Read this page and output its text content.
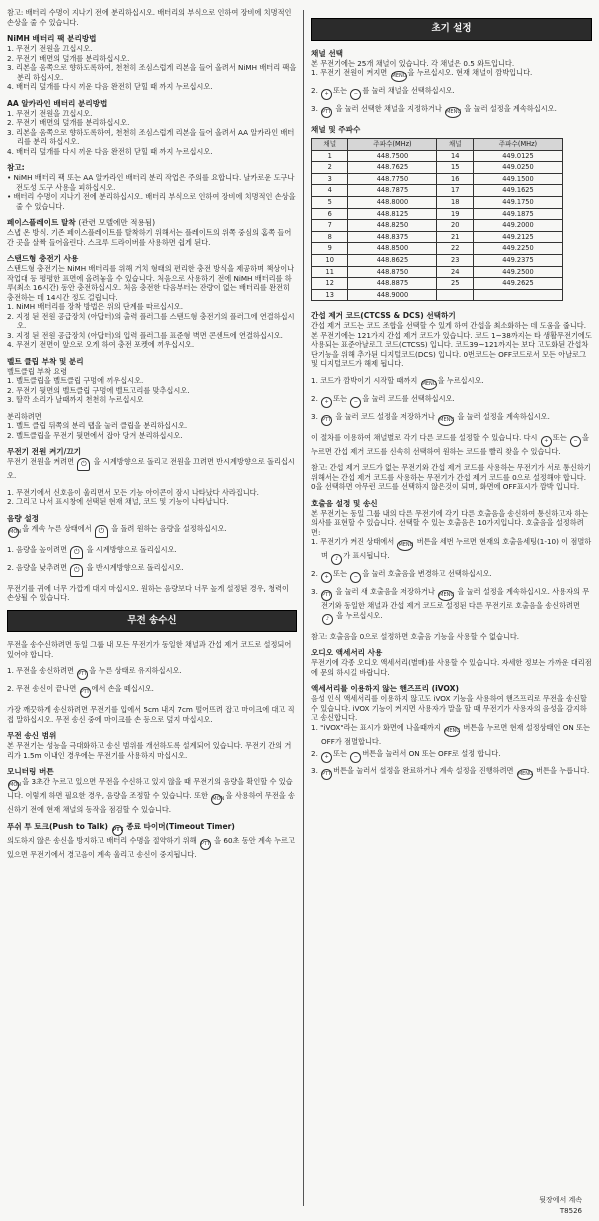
참고: 배터리 수명이 지나기 전에 분리하십시오. 배터리의 부식으로 인하여 장비에 치명적인 손상을 줄 수 있습니다.
NiMH 배터리 팩 분리방법
1. 무전기 전원을 끄십시오.
2. 무전기 배면의 덮개를 분리하십시오.
3. 리본을 옴쪽으로 향하도록하여, 천천히 조심스럽게 리본을 들어 올려서 NiMH 배터리 팩을 분리 하십시오.
4. 배터리 덮개를 다시 끼운 다음 완전히 닫힐 때 까지 누르십시오.
AA 알카라인 배터리 분리방법
1. 무전기 전원을 끄십시오.
2. 무전기 배면의 덮개를 분리하십시오.
3. 리본을 옴쪽으로 향하도록하여, 천천히 조심스럽게 리본을 들어 올려서 AA 알카라인 배터리를 분리 하십시오.
4. 배터리 덮개를 다시 끼운 다음 완전히 닫힐 때 까지 누르십시오.
참고:
• NiMH 배터리 팩 또는 AA 알카라인 배터리 분리 작업은 주의를 요합니다. 날카로운 도구나 전도성 도구 사용을 피하십시오.
• 배터리 수명이 지나기 전에 분리하십시오. 배터리 부식으로 인하여 장비에 치명적인 손상을 줄 수 있습니다.
페이스플레이트 탈착 (관련 모델에만 적용됨)
스냅 온 방식. 기존 페이스플레이트를 탈착하기 위해서는 플레이트의 위쪽 중심의 홈쪽 들어간 곳을 살짝 들어올린다. 스크루 드라이버를 사용하면 쉽게 된다.
스탠드형 충전기 사용
스탠드형 충전기는 NiMH 배터리를 위해 거치 형태의 편리한 충전 방식을 제공하며 책상이나 작업대 등 평평한 표면에 올려놓을 수 있습니다. 처음으로 사용하기 전에 NiMH 배터리를 하루(최소 16시간) 동안 충전하십시오. 처음 충전한 다음부터는 잔량이 없는 배터리를 완전히 충전하는 데 14시간 정도 걸립니다.
1. NiMH 배터리를 장착 방법은 위의 단계를 따르십시오.
2. 지정 된 전원 공급장치 (아답터)의 출력 플러그를 스탠드형 충전기의 플러그에 연결하십시오.
3. 지정 된 전원 공급장치 (아답터)의 입력 플러그를 표준형 벽면 콘센트에 연결하십시오.
4. 무전기 전면이 앞으로 오게 하여 충전 포켓에 끼우십시오.
벨트 클립 부착 및 분리
벨트클립 부착 요령
1. 벨트클립을 벨트클립 구멍에 끼우십시오.
2. 무전기 뒷면의 벨트클립 구멍에 벨트고리를 맞추십시오.
3. 딸깍 소리가 날때까지 천천히 누르십시오
분리하려면
1. 벨트 클립 뒤쪽의 분리 탭을 눌러 클립을 분리하십시오.
2. 벨트클립을 무전기 뒷면에서 잡아 당겨 분리하십시오.
무전기 전원 켜기/끄기
무전기 전원을 켜려면 ⏻ 을 시계방향으로 돌리고 전원을 끄려면 반시계방향으로 돌리십시오.
1. 무전기에서 신호음이 울리면서 모든 기능 아이콘이 잠시 나타났다 사라집니다.
2. 그리고 나서 표시창에 선택된 현재 채널, 코드 및 기능이 나타납니다.
음량 설정
MON 을 계속 누른 상태에서 ⏻ 을 돌려 원하는 음량을 설정하십시오.
1. 음량을 높이려면 ⏻ 을 시계방향으로 돌리십시오.
2. 음량을 낮추려면 ⏻ 을 반시계방향으로 돌리십시오.
무전기를 귀에 너무 가깝게 대지 마십시오. 원하는 음량보다 너무 높게 설정된 경우, 청력이 손상될 수 있습니다.
무전 송수신
무전을 송수신하려면 동일 그룹 내 모든 무전기가 동일한 채널과 간섭 제거 코드로 설정되어 있어야 합니다.
1. 무전을 송신하려면 PTT 을 누른 상태로 유지하십시오.
2. 무전 송신이 끝나면 PTT 에서 손을 떼십시오.
가장 깨끗하게 송신하려면 무전기를 입에서 5cm 내지 7cm 떨어뜨려 잡고 마이크에 대고 직접 말하십시오. 무전 송신 중에 마이크를 손 등으로 덮지 마십시오.
무전 송신 범위
본 무전기는 성능을 극대화하고 송신 범위를 개선하도록 설계되어 있습니다. 무전기 간의 거리가 1.5m 이내인 경우에는 무전기를 사용하지 마십시오.
모니터링 버튼
MON 을 3초간 누르고 있으면 무전을 수신하고 있지 않을 때 무전기의 음량을 확인할 수 있습니다. 이렇게 하면 필요한 경우, 음량을 조정할 수 있습니다. 또한 MON 을 사용하여 무전을 송신하기 전에 현재 채널의 동작을 점검할 수 있습니다.
푸쉬 투 토크(Push to Talk) PTT 종료 타이머(Timeout Timer)
의도하지 않은 송신을 방지하고 배터리 수명을 절약하기 위해 PTT 을 60초 동안 계속 누르고 있으면 무전기에서 경고음이 계속 울리고 송신이 중지됩니다.
초기 설정
채널 선택
본 무전기에는 25개 채널이 있습니다. 각 채널은 0.5 와트입니다.
1. 무전기 전원이 켜지면 MENU을 누르십시오. 현재 채널이 깜박입니다.
2. + 또는 − 를 눌러 채널을 선택하십시오.
3. PTT 을 눌러 선택한 채널을 지정하거나 MENU 을 눌러 설정을 계속하십시오.
채널 및 주파수
채널	주파수(MHz)	채널	주파수(MHz)
1	448.7500	14	449.0125
2	448.7625	15	449.0250
3	448.7750	16	449.1500
4	448.7875	17	449.1625
5	448.8000	18	449.1750
6	448.8125	19	449.1875
7	448.8250	20	449.2000
8	448.8375	21	449.2125
9	448.8500	22	449.2250
10	448.8625	23	449.2375
11	448.8750	24	449.2500
12	448.8875	25	449.2625
13	448.9000		
간섭 제거 코드(CTCSS & DCS) 선택하기
간섭 제거 코드는 코드 조합을 선택할 수 있게 하여 간섭을 최소화하는 데 도움을 줍니다. 본 무전기에는 121가지 간섭 제거 코드가 있습니다. 코드 1~38까지는 타 생활무전기에도 사용되는 표준아날로그 코드(CTCSS) 입니다. 코드39~121까지는 보다 고도화된 간섭차단기능을 위해 추가된 디지털코드(DCS) 입니다. 0번코드는 OFF코드로서 모든 아날로그 및 디지털코드가 해제 됩니다.
1. 코드가 깜박이기 시작할 때까지 MENU을 누르십시오.
2. + 또는 − 을 눌러 코드를 선택하십시오.
3. PTT 을 눌러 코드 설정을 저장하거나 MENU 을 눌러 설정을 계속하십시오.
이 절차를 이용하여 채널별로 각기 다른 코드를 설정할 수 있습니다. 다시 + 또는 − 을 누르면 간섭 제거 코드를 신속히 선택하여 원하는 코드를 빨리 찾을 수 있습니다.
참고: 간섭 제거 코드가 없는 무전기와 간섭 제거 코드를 사용하는 무전기가 서로 통신하기 위해서는 간섭 제거 코드를 사용하는 무전기가 간섭 제거 코드를 0으로 설정해야 합니다. 0을 선택하면 아무런 코드를 선택하지 않은것이 되며, 화면에 OFF표시가 깜박 입니다.
호출음 설정 및 송신
본 무전기는 동일 그룹 내의 다른 무전기에 각기 다른 호출음을 송신하여 통신하고자 하는 의사를 표현할 수 있습니다. 선택할 수 있는 호출음은 10가지입니다. 호출음을 설정하려면:
1. 무전기가 켜진 상태에서 MENU 버튼을 세번 누르면 현재의 호출음세팅(1-10) 이 점멸하며 ♪ 가 표시됩니다.
2. + 또는 − 을 눌러 호출음을 변경하고 선택하십시오.
3. PTT 을 눌러 새 호출음을 저장하거나 MENU 을 눌러 설정을 계속하십시오. 사용자의 무전기와 동일한 채널과 간섭 제거 코드로 설정된 다른 무전기로 호출음을 송신하려면 ♪ 을 누르십시오.
참고: 호출음을 0으로 설정하면 호출음 기능을 사용할 수 없습니다.
오디오 액세서리 사용
무전기에 각종 오디오 액세서리(별매)를 사용할 수 있습니다. 자세한 정보는 가까운 대리점에 문의 하시길 바랍니다.
액세서리를 이용하지 않는 핸즈프리 (iVOX)
음성 인식 액세서리를 이용하지 않고도 iVOX 기능을 사용하여 핸즈프리로 무전을 송신할 수 있습니다. iVOX 기능이 켜지면 사용자가 말을 할 때 무전기가 사용자의 음성을 감지하고 송신합니다.
1. "iVOX"라는 표시가 화면에 나올때까지 MENU 버튼을 누르면 현재 설정상태인 ON 또는 OFF가 점멸합니다.
2. + 또는 − 버튼을 눌러서 ON 또는 OFF로 설정 합니다.
3. PTT 버튼을 눌러서 설정을 완료하거나 계속 설정을 진행하려면 MENU 버튼을 누릅니다.
뒷장에서 계속
T8526
